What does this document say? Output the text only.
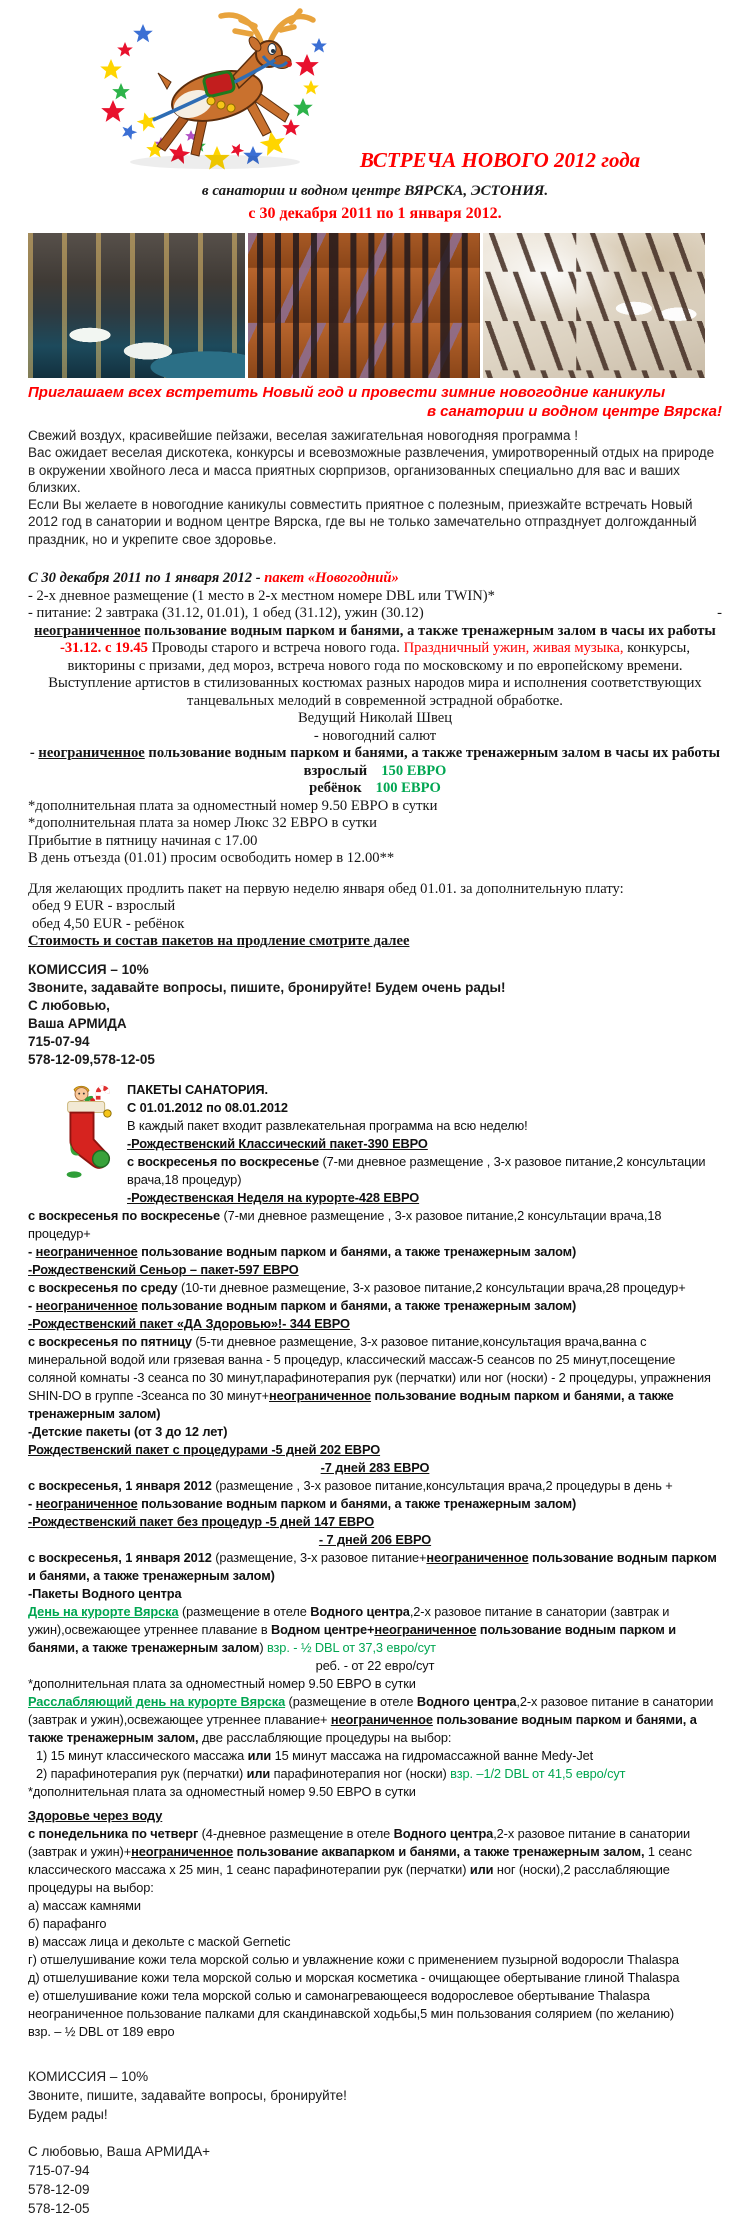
ВСТРЕЧА НОВОГО 2012 года
в санатории и водном центре ВЯРСКА, ЭСТОНИЯ.
с 30 декабря 2011 по 1 января 2012.

Приглашаем всех встретить Новый год и провести зимние новогодние каникулы

в санатории и водном центре Вярска!

Свежий воздух, красивейшие пейзажи, веселая зажигательная новогодняя программа !

Вас ожидает веселая дискотека, конкурсы и всевозможные развлечения, умиротворенный отдых на природе в окружении хвойного леса и масса приятных сюрпризов, организованных специально для вас и ваших близких.

Если Вы желаете в новогодние каникулы совместить приятное с полезным, приезжайте встречать Новый 2012 год в санатории и водном центре Вярска, где вы не только замечательно отпразднует долгожданный праздник, но и укрепите свое здоровье.

С 30 декабря 2011 по 1 января 2012 - пакет «Новогодний»

- 2-х дневное размещение (1 место в 2-х местном номере DBL или TWIN)*

-
- питание: 2 завтрака (31.12, 01.01), 1 обед (31.12), ужин (30.12)

неограниченное пользование водным парком и банями, а также тренажерным залом в часы их работы

-31.12. с 19.45 Проводы старого и встреча нового года. Праздничный ужин, живая музыка, конкурсы, викторины с призами, дед мороз, встреча нового года по московскому и по европейскому времени. Выступление артистов в стилизованных костюмах разных народов мира и исполнения соответствующих танцевальных мелодий в современной эстрадной обработке.

Ведущий Николай Швец

- новогодний салют

- неограниченное пользование водным парком и банями, а также тренажерным залом в часы их работы

взрослый 150 ЕВРО

ребёнок 100 ЕВРО

*дополнительная плата за одноместный номер 9.50 ЕВРО в сутки

*дополнительная плата за номер Люкс 32 ЕВРО в сутки

Прибытие в пятницу начиная с 17.00

В день отъезда (01.01) просим освободить номер в 12.00**

Для желающих продлить пакет на первую неделю января обед 01.01. за дополнительную плату:

обед 9 EUR - взрослый

обед 4,50 EUR - ребёнок

Стоимость и состав пакетов на продление смотрите далее

КОМИССИЯ – 10%

Звоните, задавайте вопросы, пишите, бронируйте! Будем очень рады!

С любовью,

Ваша АРМИДА

715-07-94

578-12-09,578-12-05

ПАКЕТЫ САНАТОРИЯ.

С 01.01.2012 по 08.01.2012

В каждый пакет входит развлекательная программа на всю неделю!

-Рождественский Классический пакет-390 ЕВРО

с воскресенья по воскресенье (7-ми дневное размещение , 3-х разовое питание,2 консультации врача,18 процедур)

-Рождественская Неделя на курорте-428 ЕВРО

с воскресенья по воскресенье (7-ми дневное размещение , 3-х разовое питание,2 консультации врача,18 процедур+

- неограниченное пользование водным парком и банями, а также тренажерным залом)

-Рождественский Сеньор – пакет-597 ЕВРО

с воскресенья по среду (10-ти дневное размещение, 3-х разовое питание,2 консультации врача,28 процедур+

- неограниченное пользование водным парком и банями, а также тренажерным залом)

-Рождественский пакет «ДА Здоровью»!- 344 ЕВРО

с воскресенья по пятницу (5-ти дневное размещение, 3-х разовое питание,консультация врача,ванна с минеральной водой или грязевая ванна - 5 процедур, классический массаж-5 сеансов по 25 минут,посещение соляной комнаты -3 сеанса по 30 минут,парафинотерапия рук (перчатки) или ног (носки) - 2 процедуры, упражнения SHIN-DO в группе -3сеанса по 30 минут+неограниченное пользование водным парком и банями, а также тренажерным залом)

-Детские пакеты (от 3 до 12 лет)

Рождественский пакет с процедурами -5 дней 202 ЕВРО

-7 дней 283 ЕВРО

с воскресенья, 1 января 2012 (размещение , 3-х разовое питание,консультация врача,2 процедуры в день +

- неограниченное пользование водным парком и банями, а также тренажерным залом)

-Рождественский пакет без процедур -5 дней 147 ЕВРО

- 7 дней 206 ЕВРО

с воскресенья, 1 января 2012 (размещение, 3-х разовое питание+неограниченное пользование водным парком и банями, а также тренажерным залом)

-Пакеты Водного центра

День на курорте Вярска (размещение в отеле Водного центра,2-х разовое питание в санатории (завтрак и ужин),освежающее утреннее плавание в Водном центре+неограниченное пользование водным парком и банями, а также тренажерным залом) взр. - ½ DBL от 37,3 евро/сут

реб. - от 22 евро/сут

*дополнительная плата за одноместный номер 9.50 ЕВРО в сутки

Расслабляющий день на курорте Вярска (размещение в отеле Водного центра,2-х разовое питание в санатории (завтрак и ужин),освежающее утреннее плавание+ неограниченное пользование водным парком и банями, а также тренажерным залом, две расслабляющие процедуры на выбор:

1) 15 минут классического массажа или 15 минут массажа на гидромассажной ванне Medy-Jet

2) парафинотерапия рук (перчатки) или парафинотерапия ног (носки) взр. –1/2 DBL от 41,5 евро/сут

*дополнительная плата за одноместный номер 9.50 ЕВРО в сутки

Здоровье через воду

с понедельника по четверг (4-дневное размещение в отеле Водного центра,2-х разовое питание в санатории (завтрак и ужин)+неограниченное пользование аквапарком и банями, а также тренажерным залом, 1 сеанс классического массажа х 25 мин, 1 сеанс парафинотерапии рук (перчатки) или ног (носки),2 расслабляющие процедуры на выбор:

а) массаж камнями

б) парафанго

в) массаж лица и декольте с маской Gernetic

г) отшелушивание кожи тела морской солью и увлажнение кожи с применением пузырной водоросли Thalaspa

д) отшелушивание кожи тела морской солью и морская косметика - очищающее обертывание глиной Thalaspa

е) отшелушивание кожи тела морской солью и самонагревающееся водорослевое обертывание Thalaspa

неограниченное пользование палками для скандинавской ходьбы,5 мин пользования солярием (по желанию)

взр. – ½ DBL от 189 евро

КОМИССИЯ – 10%

Звоните, пишите, задавайте вопросы, бронируйте!

Будем рады!

С любовью, Ваша АРМИДА+

715-07-94

578-12-09

578-12-05
